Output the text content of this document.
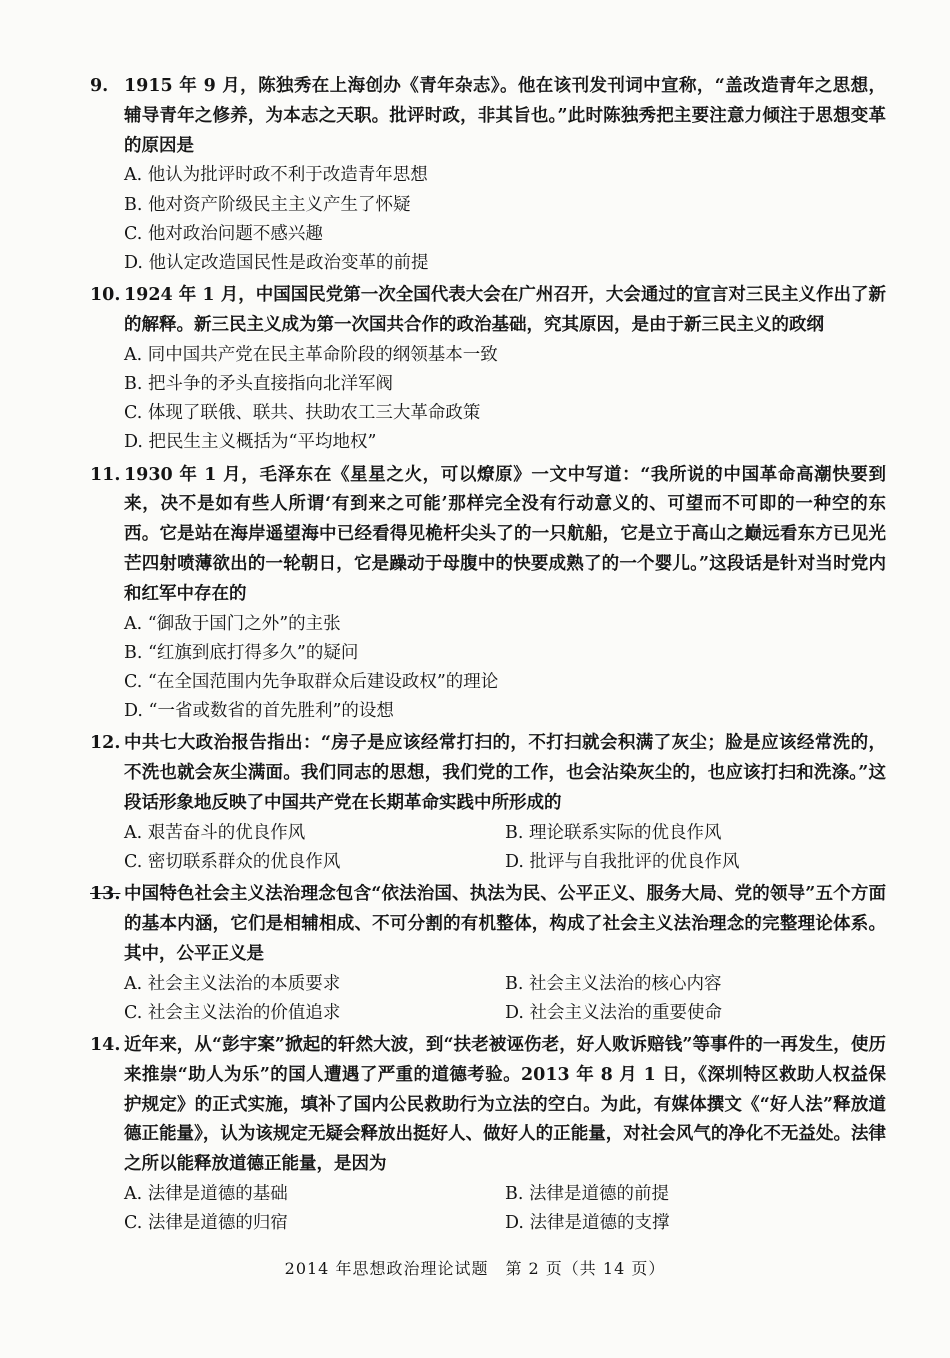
9. 1915 年 9 月，陈独秀在上海创办《青年杂志》。他在该刊发刊词中宣称，“盖改造青年之思想，辅导青年之修养，为本志之天职。批评时政，非其旨也。”此时陈独秀把主要注意力倾注于思想变革的原因是
A. 他认为批评时政不利于改造青年思想
B. 他对资产阶级民主主义产生了怀疑
C. 他对政治问题不感兴趣
D. 他认定改造国民性是政治变革的前提
10. 1924 年 1 月，中国国民党第一次全国代表大会在广州召开，大会通过的宣言对三民主义作出了新的解释。新三民主义成为第一次国共合作的政治基础，究其原因，是由于新三民主义的政纲
A. 同中国共产党在民主革命阶段的纲领基本一致
B. 把斗争的矛头直接指向北洋军阀
C. 体现了联俄、联共、扶助农工三大革命政策
D. 把民生主义概括为“平均地权”
11. 1930 年 1 月，毛泽东在《星星之火，可以燎原》一文中写道：“我所说的中国革命高潮快要到来，决不是如有些人所谓‘有到来之可能’那样完全没有行动意义的、可望而不可即的一种空的东西。它是站在海岸遥望海中已经看得见桅杆尖头了的一只航船，它是立于高山之巅远看东方已见光芒四射喷薄欲出的一轮朝日，它是躁动于母腹中的快要成熟了的一个婴儿。”这段话是针对当时党内和红军中存在的
A. “御敌于国门之外”的主张
B. “红旗到底打得多久”的疑问
C. “在全国范围内先争取群众后建设政权”的理论
D. “一省或数省的首先胜利”的设想
12. 中共七大政治报告指出：“房子是应该经常打扫的，不打扫就会积满了灰尘；脸是应该经常洗的，不洗也就会灰尘满面。我们同志的思想，我们党的工作，也会沾染灰尘的，也应该打扫和洗涤。”这段话形象地反映了中国共产党在长期革命实践中所形成的
A. 艰苦奋斗的优良作风	B. 理论联系实际的优良作风
C. 密切联系群众的优良作风	D. 批评与自我批评的优良作风
13. 中国特色社会主义法治理念包含“依法治国、执法为民、公平正义、服务大局、党的领导”五个方面的基本内涵，它们是相辅相成、不可分割的有机整体，构成了社会主义法治理念的完整理论体系。其中，公平正义是
A. 社会主义法治的本质要求	B. 社会主义法治的核心内容
C. 社会主义法治的价值追求	D. 社会主义法治的重要使命
14. 近年来，从“彭宇案”掀起的轩然大波，到“扶老被诬伤老，好人败诉赔钱”等事件的一再发生，使历来推崇“助人为乐”的国人遭遇了严重的道德考验。2013 年 8 月 1 日，《深圳特区救助人权益保护规定》的正式实施，填补了国内公民救助行为立法的空白。为此，有媒体撰文《“好人法”释放道德正能量》，认为该规定无疑会释放出挺好人、做好人的正能量，对社会风气的净化不无益处。法律之所以能释放道德正能量，是因为
A. 法律是道德的基础	B. 法律是道德的前提
C. 法律是道德的归宿	D. 法律是道德的支撑
2014 年思想政治理论试题　第 2 页（共 14 页）
